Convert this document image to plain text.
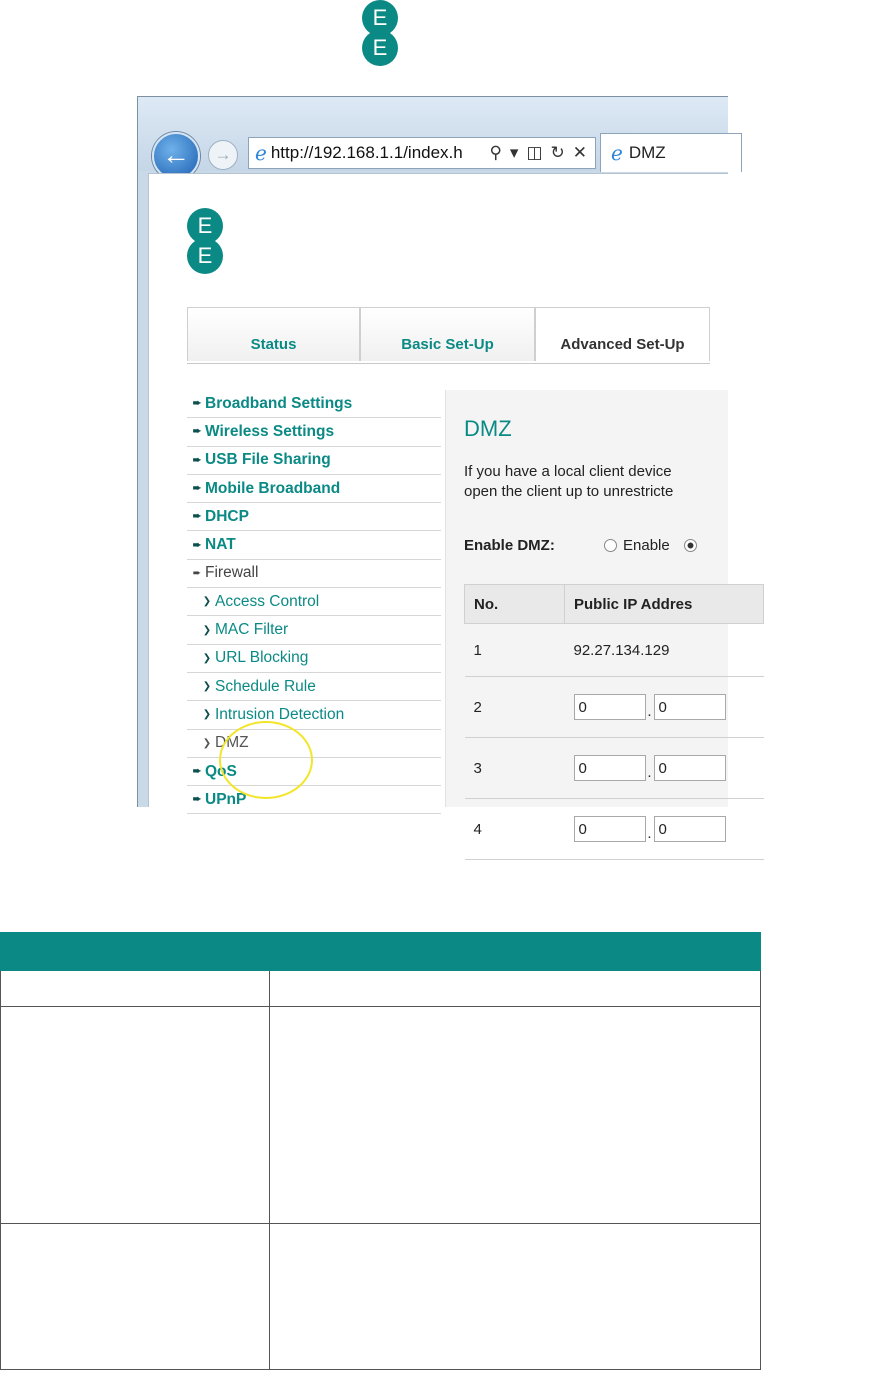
E
E
←	→	ℯ http:// 192.168.1.1 /index.h ⚲ ▾ ◫ ↻ ✕ ℯ DMZ
E
E
Status	Basic Set-Up	Advanced Set-Up
➨ Broadband Settings
➨ Wireless Settings
➨ USB File Sharing
➨ Mobile Broadband
➨ DHCP
➨ NAT
➨ Firewall
❯ Access Control
❯ MAC Filter
❯ URL Blocking
❯ Schedule Rule
❯ Intrusion Detection
❯ DMZ
➨ QoS
➨ UPnP
DMZ
If you have a local client device
open the client up to unrestricte
Enable DMZ:	Enable
No.	Public IP Addres
1	92.27.134.129
2	0 . 0
3	0 . 0
4	0 . 0
